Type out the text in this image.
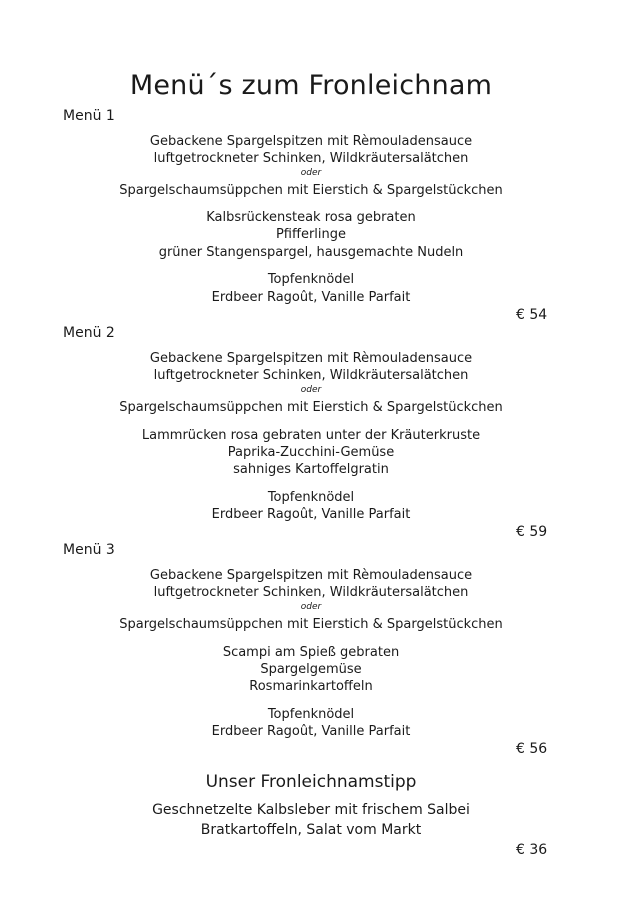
Menü´s zum Fronleichnam
Menü 1
Gebackene Spargelspitzen mit Rèmouladensauce
luftgetrockneter Schinken, Wildkräutersalätchen
oder
Spargelschaumsüppchen mit Eierstich & Spargelstückchen
Kalbsrückensteak rosa gebraten
Pfifferlinge
grüner Stangenspargel, hausgemachte Nudeln
Topfenknödel
Erdbeer Ragoût, Vanille Parfait
€ 54
Menü 2
Gebackene Spargelspitzen mit Rèmouladensauce
luftgetrockneter Schinken, Wildkräutersalätchen
oder
Spargelschaumsüppchen mit Eierstich & Spargelstückchen
Lammrücken rosa gebraten unter der Kräuterkruste
Paprika-Zucchini-Gemüse
sahniges Kartoffelgratin
Topfenknödel
Erdbeer Ragoût, Vanille Parfait
€ 59
Menü 3
Gebackene Spargelspitzen mit Rèmouladensauce
luftgetrockneter Schinken, Wildkräutersalätchen
oder
Spargelschaumsüppchen mit Eierstich & Spargelstückchen
Scampi am Spieß gebraten
Spargelgemüse
Rosmarinkartoffeln
Topfenknödel
Erdbeer Ragoût, Vanille Parfait
€ 56
Unser Fronleichnamstipp
Geschnetzelte Kalbsleber mit frischem Salbei
Bratkartoffeln, Salat vom Markt
€ 36
